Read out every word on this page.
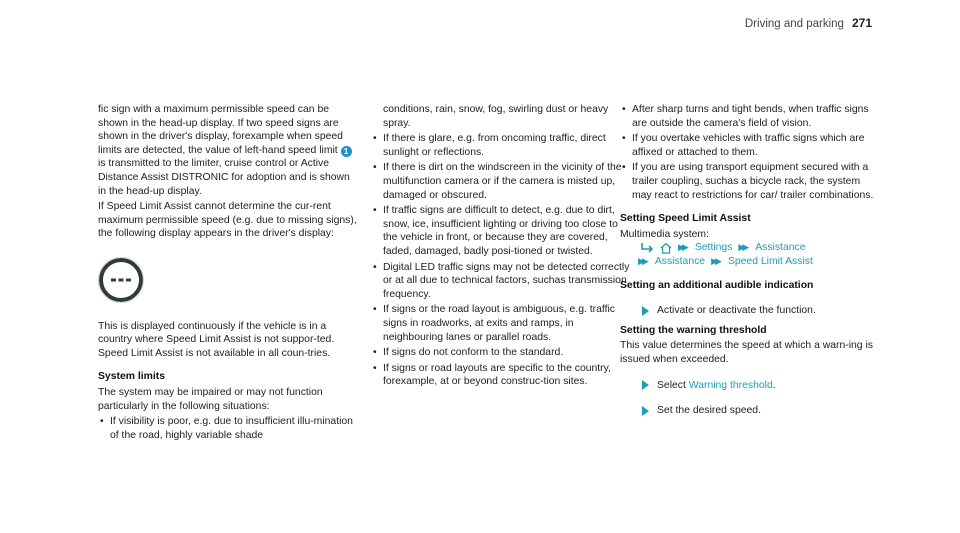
Driving and parking 271

fic sign with a maximum permissible speed can be shown in the head-up display. If two speed signs are shown in the driver's display, forexample when speed limits are detected, the value of left-hand speed limit 1 is transmitted to the limiter, cruise control or Active Distance Assist DISTRONIC for adoption and is shown in the head-up display.

If Speed Limit Assist cannot determine the cur-rent maximum permissible speed (e.g. due to missing signs), the following display appears in the driver's display:

This is displayed continuously if the vehicle is in a country where Speed Limit Assist is not suppor-ted. Speed Limit Assist is not available in all coun-tries.

System limits

The system may be impaired or may not function particularly in the following situations:

• If visibility is poor, e.g. due to insufficient illu-mination of the road, highly variable shade

conditions, rain, snow, fog, swirling dust or heavy spray.

• If there is glare, e.g. from oncoming traffic, direct sunlight or reflections.
• If there is dirt on the windscreen in the vicinity of the multifunction camera or if the camera is misted up, damaged or obscured.
• If traffic signs are difficult to detect, e.g. due to dirt, snow, ice, insufficient lighting or driving too close to the vehicle in front, or because they are covered, faded, damaged, badly posi-tioned or twisted.
• Digital LED traffic signs may not be detected correctly or at all due to technical factors, suchas transmission frequency.
• If signs or the road layout is ambiguous, e.g. traffic signs in roadworks, at exits and ramps, in neighbouring lanes or parallel roads.
• If signs do not conform to the standard.
• If signs or road layouts are specific to the country, forexample, at or beyond construc-tion sites.
• After sharp turns and tight bends, when traffic signs are outside the camera's field of vision.
• If you overtake vehicles with traffic signs which are affixed or attached to them.
• If you are using transport equipment secured with a trailer coupling, suchas a bicycle rack, the system may react to restrictions for car/ trailer combinations.
Setting Speed Limit Assist

Multimedia system:

▶▶ Settings ▶▶ Assistance
▶▶ Assistance ▶▶ Speed Limit Assist
Setting an additional audible indication
Activate or deactivate the function.
Setting the warning threshold

This value determines the speed at which a warn-ing is issued when exceeded.

Select Warning threshold.
Set the desired speed.
